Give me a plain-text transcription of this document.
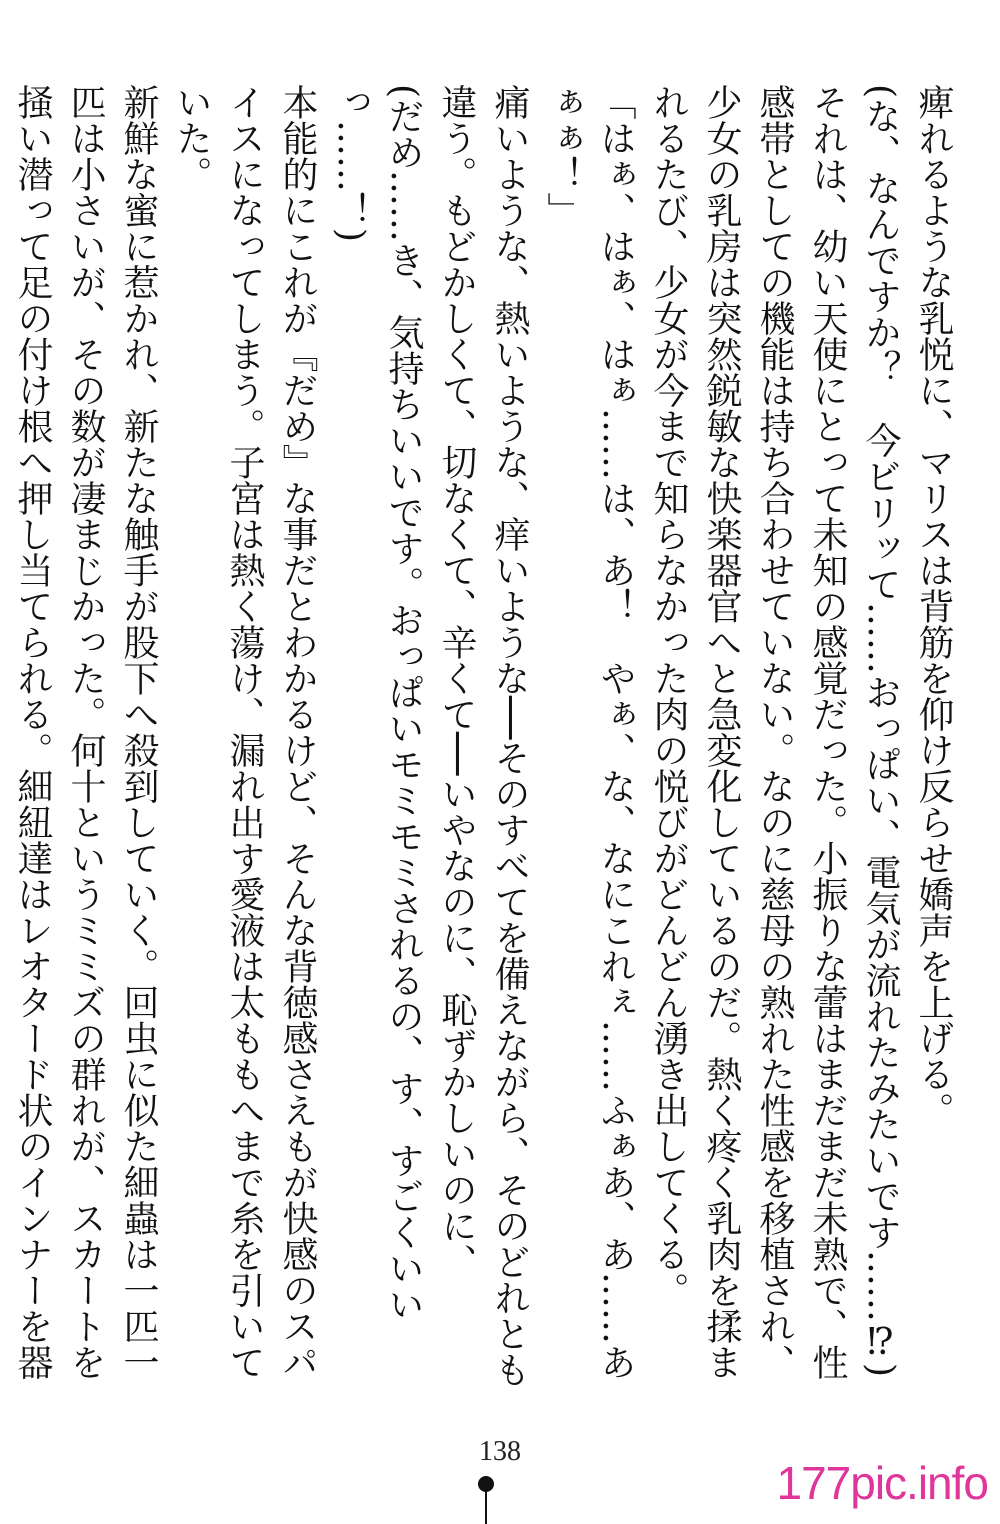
痺れるような乳悦に、マリスは背筋を仰け反らせ嬌声を上げる。

(な、なんですか？　今ビリッて……おっぱい、電気が流れたみたいです……⁉)

それは、幼い天使にとって未知の感覚だった。小振りな蕾はまだまだ未熟で、性感帯としての機能は持ち合わせていない。なのに慈母の熟れた性感を移植され、少女の乳房は突然鋭敏な快楽器官へと急変化しているのだ。熱く疼く乳肉を揉まれるたび、少女が今まで知らなかった肉の悦びがどんどん湧き出してくる。

「はぁ、はぁ、はぁ……は、あ！　やぁ、な、なにこれぇ……ふぁあ、あ……あぁぁ！」

痛いような、熱いような、痒いような──そのすべてを備えながら、そのどれとも違う。もどかしくて、切なくて、辛くて──いやなのに、恥ずかしいのに、

(だめ……き、気持ちいいです。おっぱいモミモミされるの、す、すごくいいっ……！)

本能的にこれが『だめ』な事だとわかるけど、そんな背徳感さえもが快感のスパイスになってしまう。子宮は熱く蕩け、漏れ出す愛液は太ももへまで糸を引いていた。

新鮮な蜜に惹かれ、新たな触手が股下へ殺到していく。回虫に似た細蟲は一匹一匹は小さいが、その数が凄まじかった。何十というミミズの群れが、スカートを掻い潜って足の付け根へ押し当てられる。細紐達はレオタード状のインナーを器

138
177pic.info
